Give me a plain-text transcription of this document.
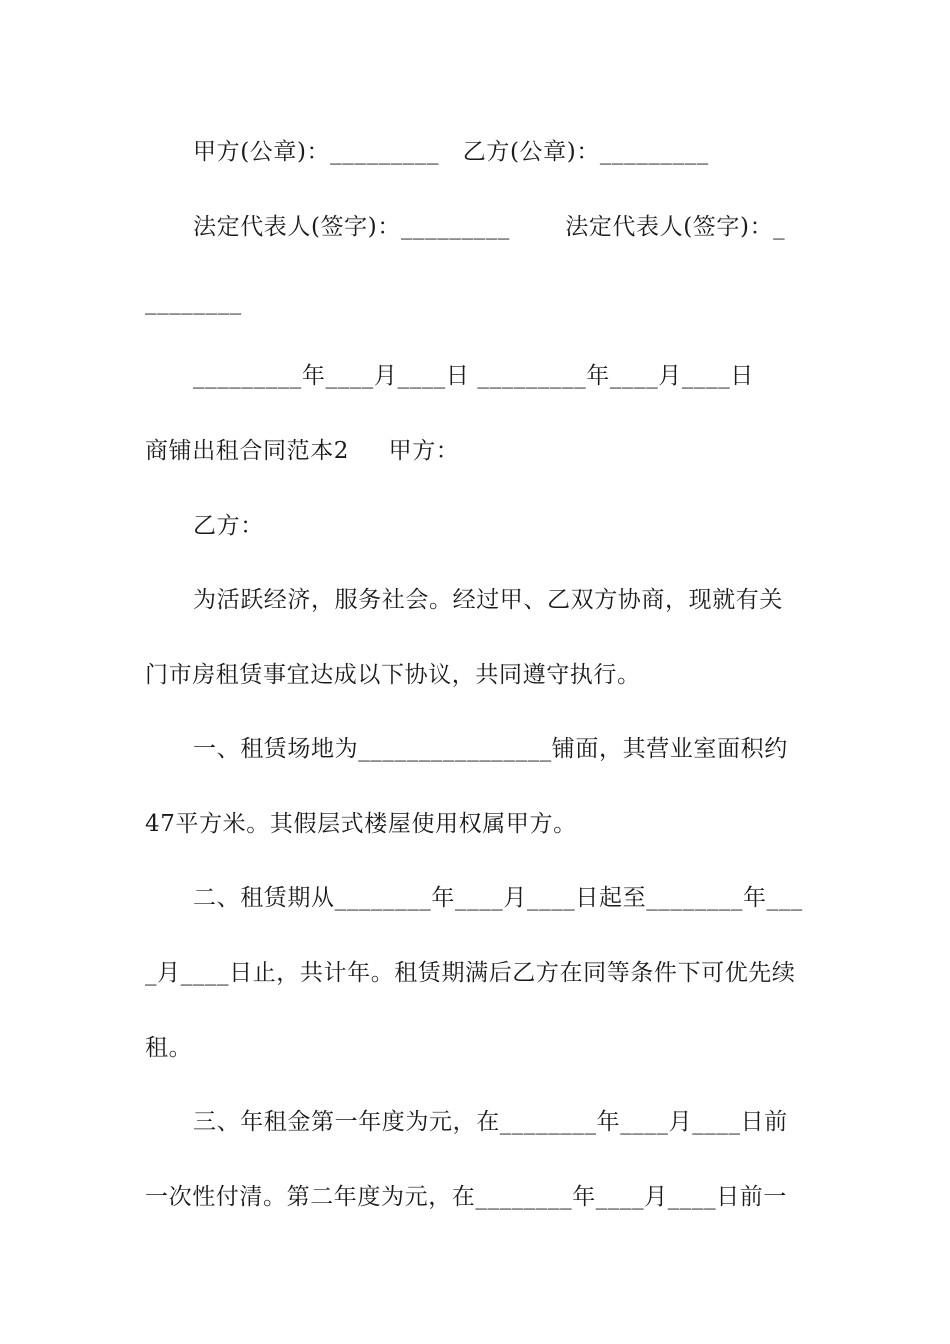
甲方(公章)：_________   乙方(公章)：_________
法定代表人(签字)：_________       法定代表人(签字)：_
________
_________年____月____日 _________年____月____日
商铺出租合同范本2     甲方：
乙方：
为活跃经济，服务社会。经过甲、乙双方协商，现就有关
门市房租赁事宜达成以下协议，共同遵守执行。
一、租赁场地为________________铺面，其营业室面积约
47平方米。其假层式楼屋使用权属甲方。
二、租赁期从________年____月____日起至________年___
_月____日止，共计年。租赁期满后乙方在同等条件下可优先续
租。
三、年租金第一年度为元，在________年____月____日前
一次性付清。第二年度为元，在________年____月____日前一
